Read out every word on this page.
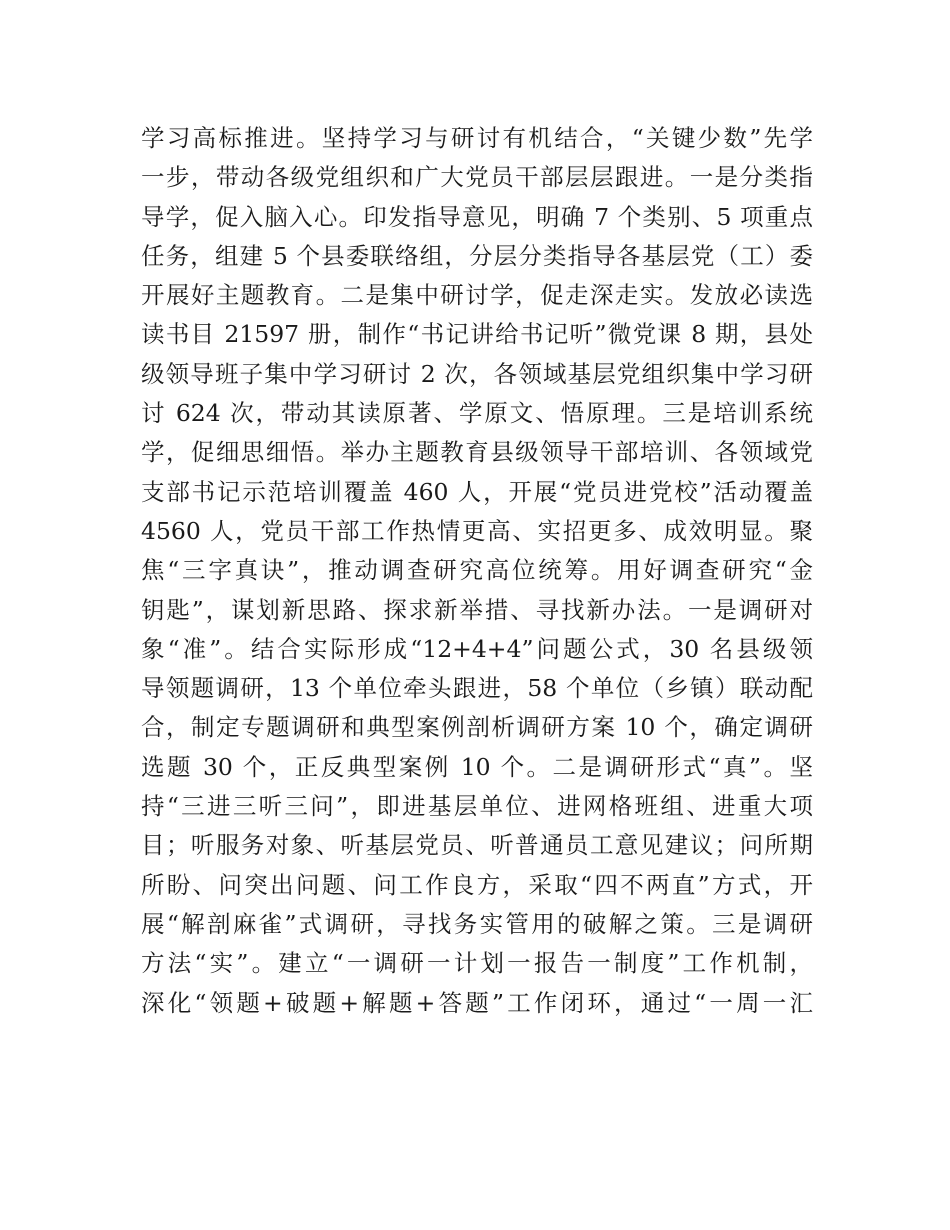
学习高标推进。坚持学习与研讨有机结合，“关键少数”先学
一步，带动各级党组织和广大党员干部层层跟进。一是分类指
导学，促入脑入心。印发指导意见，明确 7 个类别、5 项重点
任务，组建 5 个县委联络组，分层分类指导各基层党（工）委
开展好主题教育。二是集中研讨学，促走深走实。发放必读选
读书目 21597 册，制作“书记讲给书记听”微党课 8 期，县处
级领导班子集中学习研讨 2 次，各领域基层党组织集中学习研
讨 624 次，带动其读原著、学原文、悟原理。三是培训系统
学，促细思细悟。举办主题教育县级领导干部培训、各领域党
支部书记示范培训覆盖 460 人，开展“党员进党校”活动覆盖
4560 人，党员干部工作热情更高、实招更多、成效明显。聚
焦“三字真诀”，推动调查研究高位统筹。用好调查研究“金
钥匙”，谋划新思路、探求新举措、寻找新办法。一是调研对
象“准”。结合实际形成“12+4+4”问题公式，30 名县级领
导领题调研，13 个单位牵头跟进，58 个单位（乡镇）联动配
合，制定专题调研和典型案例剖析调研方案 10 个，确定调研
选题 30 个，正反典型案例 10 个。二是调研形式“真”。坚
持“三进三听三问”，即进基层单位、进网格班组、进重大项
目；听服务对象、听基层党员、听普通员工意见建议；问所期
所盼、问突出问题、问工作良方，采取“四不两直”方式，开
展“解剖麻雀”式调研，寻找务实管用的破解之策。三是调研
方法“实”。建立“一调研一计划一报告一制度”工作机制，
深化“领题+破题+解题+答题”工作闭环，通过“一周一汇
